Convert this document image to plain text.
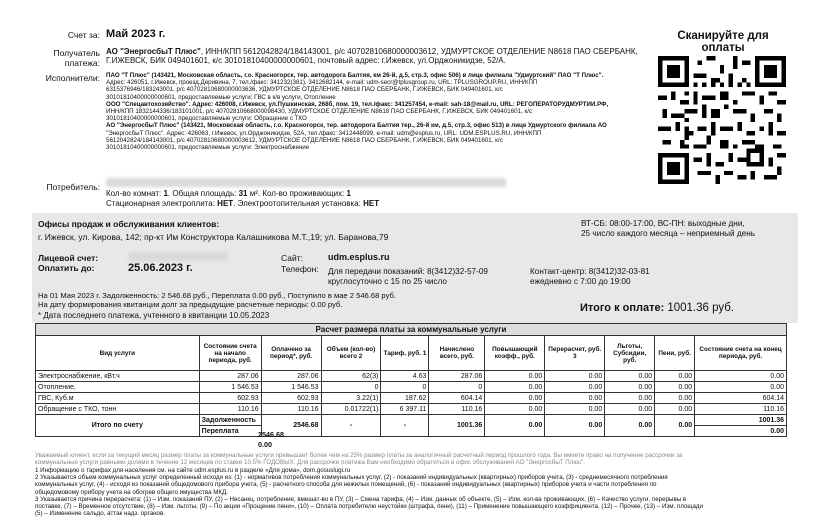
Счет за: Май 2023 г.
Получатель платежа:
АО "ЭнергосбыТ Плюс", ИНН/КПП 5612042824/184143001, р/с 40702810680000003612, УДМУРТСКОЕ ОТДЕЛЕНИЕ N8618 ПАО СБЕРБАНК,
Г.ИЖЕВСК, БИК 049401601, к/с 30101810400000000601, почтовый адрес: г.Ижевск, ул.Орджоникидзе, 52/А.
Сканируйте для оплаты
Исполнители: ПАО "Т Плюс" (143421, Московская область, г.о. Красногорск, тер. автодорога Балтия, км 26-й, д.5, стр.3, офис 506) в лице филиала "Удмуртский" ПАО "Т Плюс".
Адрес: 426051, г.Ижевск, проезд.Деривина, 7, тел./факс: 341232(381), 3412682144, e-mail: udm-secr@tplusgroup.ru, URL: TPLUSGROUP.RU, ИНН/КПП
6315376946/183243001, р/с 40702810680000003636, УДМУРТСКОЕ ОТДЕЛЕНИЕ N8618 ПАО СБЕРБАНК, Г.ИЖЕВСК, БИК 049401601, к/с
30101810400000000601, предоставляемые услуги: ГВС в к/в услуги, Отопление
ООО "Спецавтохозяйство". Адрес: 426008, г.Ижевск, ул.Пушкинская, 268б, пом. 19, тел./факс: 341257454, e-mail: sah-18@mail.ru, URL: РЕГОПЕРАТОРУДМУРТИИ.РФ,
ИНН/КПП 1832144336/183101001, р/с 40702810668000098430, УДМУРТСКОЕ ОТДЕЛЕНИЕ N8618 ПАО СБЕРБАНК, Г.ИЖЕВСК, БИК 049401601, к/с
30101810400000000601, предоставляемые услуги: Обращение с ТКО
АО "ЭнергосбыТ Плюс" (143421, Московская область, г.о. Красногорск, тер. автодорога Балтия тер., 26-й км, д.5, стр.3, офис 513) в лице Удмуртского филиала АО
"ЭнергосбыТ Плюс". Адрес: 426063, г.Ижевск, ул.Орджоникидзе, 52А, тел./факс: 3412448099, e-mail: udm@esplus.ru, URL: UDM.ESPLUS.RU, ИНН/КПП
5612042824/184143001, р/с 40702810680000003612, УДМУРТСКОЕ ОТДЕЛЕНИЕ N8618 ПАО СБЕРБАНК, Г.ИЖЕВСК, БИК 049401601, к/с
30101810400000000601, предоставляемые услуги: Электроснабжение
Потребитель:
Кол-во комнат: 1. Общая площадь: 31 м². Кол-во проживающих: 1
Стационарная электроплита: НЕТ. Электроотопительная установка: НЕТ
Офисы продаж и обслуживания клиентов:
г. Ижевск, ул. Кирова, 142; пр-кт Им Конструктора Калашникова М.Т.,19; ул. Баранова,79
ВТ-СБ: 08:00-17:00, ВС-ПН: выходные дни,
25 число каждого месяца – неприемный день
Лицевой счет:
Оплатить до:	25.06.2023 г.
Сайт:	udm.esplus.ru
Телефон: Для передачи показаний: 8(3412)32-57-09
круглосуточно с 15 по 25 число
Контакт-центр: 8(3412)32-03-81
ежедневно с 7:00 до 19:00
На 01 Мая 2023 г. Задолженность: 2 546.68 руб., Переплата 0.00 руб., Поступило в мае 2 546.68 руб.
На дату формирования квитанции долг за предыдущие расчетные периоды: 0.00 руб.
* Дата последнего платежа, учтенного в квитанции 10.05.2023
Итого к оплате: 1001.36 руб.
Расчет размера платы за коммунальные услуги										
Вид услуги	Состояние счета на начало периода, руб.	Оплачено за период*, руб.	Объем (кол-во) всего 2	Тариф, руб. 1	Начислено всего, руб.	Повышающий коэфф., руб.	Перерасчет, руб. 3	Льготы, Субсидии, руб.	Пени, руб.	Состояние счета на конец периода, руб.
Электроснабжение, кВт.ч	287.06	287.06	62(3)	4.63	287.06	0.00	0.00	0.00	0.00	0.00
Отопление,	1 546.53	1 546.53	0	0	0	0.00	0.00	0.00	0.00	0.00
ГВС, Куб.м	602.93	602.93	3.22(1)	187.62	604.14	0.00	0.00	0.00	0.00	604.14
Обращение с ТКО, тонн	110.16	110.16	0.01722(1)	6 397.11	110.16	0.00	0.00	0.00	0.00	110.16
Итого по счету	Задолженность	2546.68	-	-	1001.36	0.00	0.00	0.00	0.00	1001.36
	Переплата									0.00
2546.68
0.00
Уважаемый клиент, если за текущий месяц размер платы за коммунальные услуги превышает более чем на 25% размер платы за аналогичный расчетный период прошлого года, Вы имеете право на получение рассрочки за
коммунальные услуги равными долями в течение 12 месяцев по ставке 10.5% ГОДОВЫХ. Для рассрочки платежа Вам необходимо обратиться в офис обслуживания АО "ЭнергосбыТ Плюс".
1 Информацию о тарифах для населения см. на сайте udm.esplus.ru в разделе «Для дома», dom.gosuslugi.ru
2 Указывается объем коммунальных услуг определенный исходя из: (1) - нормативов потребления коммунальных услуг, (2) - показаний индивидуальных (квартирных) приборов учета, (3) - среднемесячного потребления
коммунальных услуг, (4) - исходя из показаний общедомового прибора учета, (5) - расчетного способа для нежилых помещений, (6) - показаний индивидуальных (квартирных) приборов учета и части потребления по
общедомовому прибору учета на обогрев общего имущества МКД.
3 Указывается причина перерасчета: (1) – Изм. показаний ПУ, (2) – Несанкц. потребление, вмешат-во в ПУ, (3) – Смена тарифа, (4) – Изм. данных об объекте, (5) – Изм. кол-ва проживающих, (6) – Качество услуги, перерывы в
поставке, (7) – Временное отсутствие, (8) – Изм. льготы, (9) – По акции «Прощение пени», (10) – Оплата потребителю неустойки (штрафа, пени), (11) – Применение повышающего коэффициента, (12) – Прочее, (13) – Изм. площади
(5) – Изменение сальдо, аттак надз. органов.
